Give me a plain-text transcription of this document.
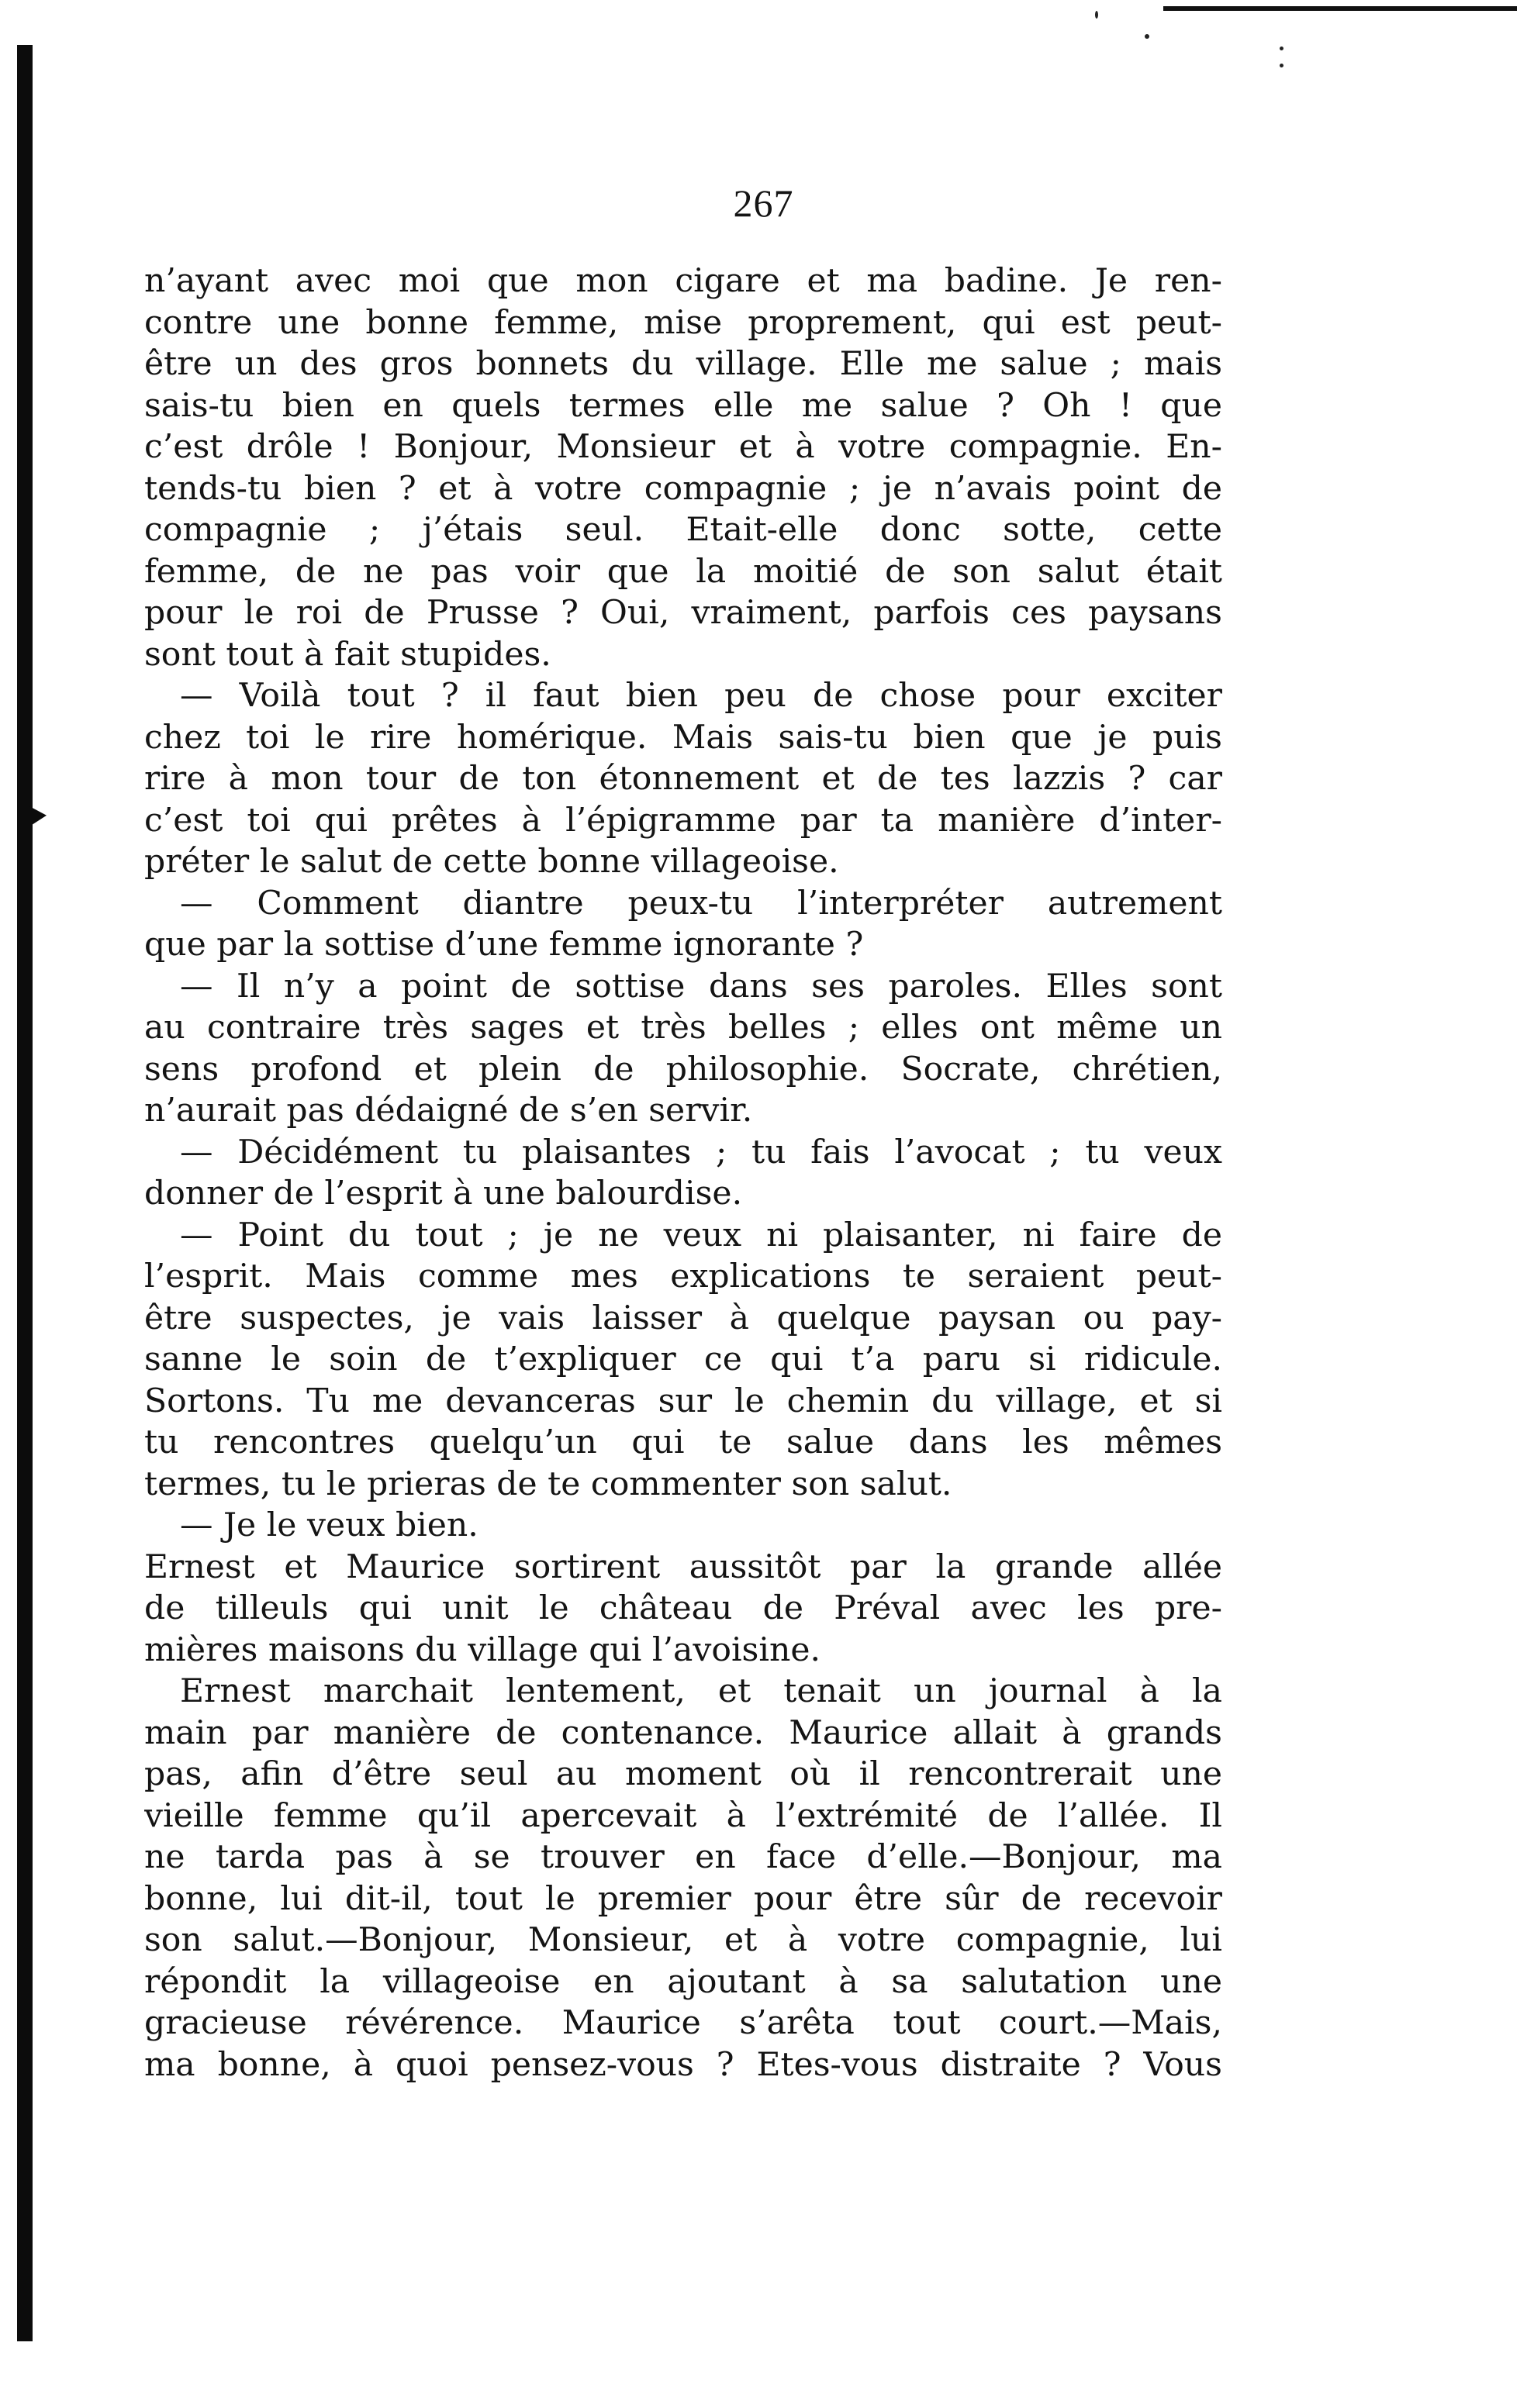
267
n’ayant avec moi que mon cigare et ma badine. Je ren-
contre une bonne femme, mise proprement, qui est peut-
être un des gros bonnets du village. Elle me salue ; mais
sais-tu bien en quels termes elle me salue ? Oh ! que
c’est drôle ! Bonjour, Monsieur et à votre compagnie. En-
tends-tu bien ? et à votre compagnie ; je n’avais point de
compagnie ; j’étais seul. Etait-elle donc sotte, cette
femme, de ne pas voir que la moitié de son salut était
pour le roi de Prusse ? Oui, vraiment, parfois ces paysans
sont tout à fait stupides.
— Voilà tout ? il faut bien peu de chose pour exciter
chez toi le rire homérique. Mais sais-tu bien que je puis
rire à mon tour de ton étonnement et de tes lazzis ? car
c’est toi qui prêtes à l’épigramme par ta manière d’inter-
préter le salut de cette bonne villageoise.
— Comment diantre peux-tu l’interpréter autrement
que par la sottise d’une femme ignorante ?
— Il n’y a point de sottise dans ses paroles. Elles sont
au contraire très sages et très belles ; elles ont même un
sens profond et plein de philosophie. Socrate, chrétien,
n’aurait pas dédaigné de s’en servir.
— Décidément tu plaisantes ; tu fais l’avocat ; tu veux
donner de l’esprit à une balourdise.
— Point du tout ; je ne veux ni plaisanter, ni faire de
l’esprit. Mais comme mes explications te seraient peut-
être suspectes, je vais laisser à quelque paysan ou pay-
sanne le soin de t’expliquer ce qui t’a paru si ridicule.
Sortons. Tu me devanceras sur le chemin du village, et si
tu rencontres quelqu’un qui te salue dans les mêmes
termes, tu le prieras de te commenter son salut.
— Je le veux bien.
Ernest et Maurice sortirent aussitôt par la grande allée
de tilleuls qui unit le château de Préval avec les pre-
mières maisons du village qui l’avoisine.
Ernest marchait lentement, et tenait un journal à la
main par manière de contenance. Maurice allait à grands
pas, afin d’être seul au moment où il rencontrerait une
vieille femme qu’il apercevait à l’extrémité de l’allée. Il
ne tarda pas à se trouver en face d’elle.—Bonjour, ma
bonne, lui dit-il, tout le premier pour être sûr de recevoir
son salut.—Bonjour, Monsieur, et à votre compagnie, lui
répondit la villageoise en ajoutant à sa salutation une
gracieuse révérence. Maurice s’arêta tout court.—Mais,
ma bonne, à quoi pensez-vous ? Etes-vous distraite ? Vous
